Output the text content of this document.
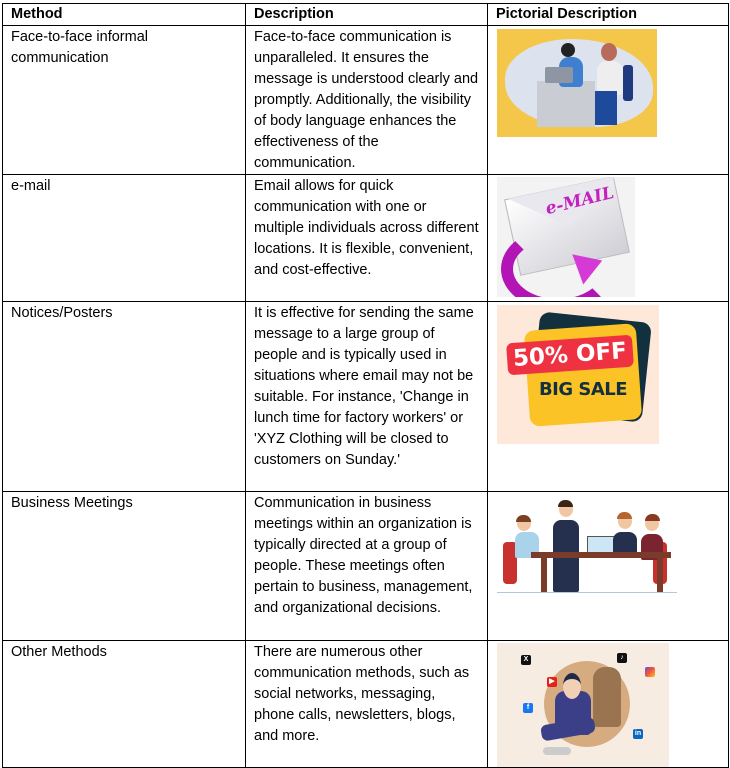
Method	Description	Pictorial Description
Face-to-face informal communication	Face-to-face communication is unparalleled. It ensures the message is understood clearly and promptly. Additionally, the visibility of body language enhances the effectiveness of the communication.	

e-mail	Email allows for quick communication with one or multiple individuals across different locations. It is flexible, convenient, and cost-effective.	e-MAIL

Notices/Posters	It is effective for sending the same message to a large group of people and is typically used in situations where email may not be suitable. For instance, 'Change in lunch time for factory workers' or 'XYZ Clothing will be closed to customers on Sunday.'	50% OFF
BIG SALE

Business Meetings	Communication in business meetings within an organization is typically directed at a group of people. These meetings often pertain to business, management, and organizational decisions.	

Other Methods	There are numerous other communication methods, such as social networks, messaging, phone calls, newsletters, blogs, and more.	X ♪
▶
f
in
